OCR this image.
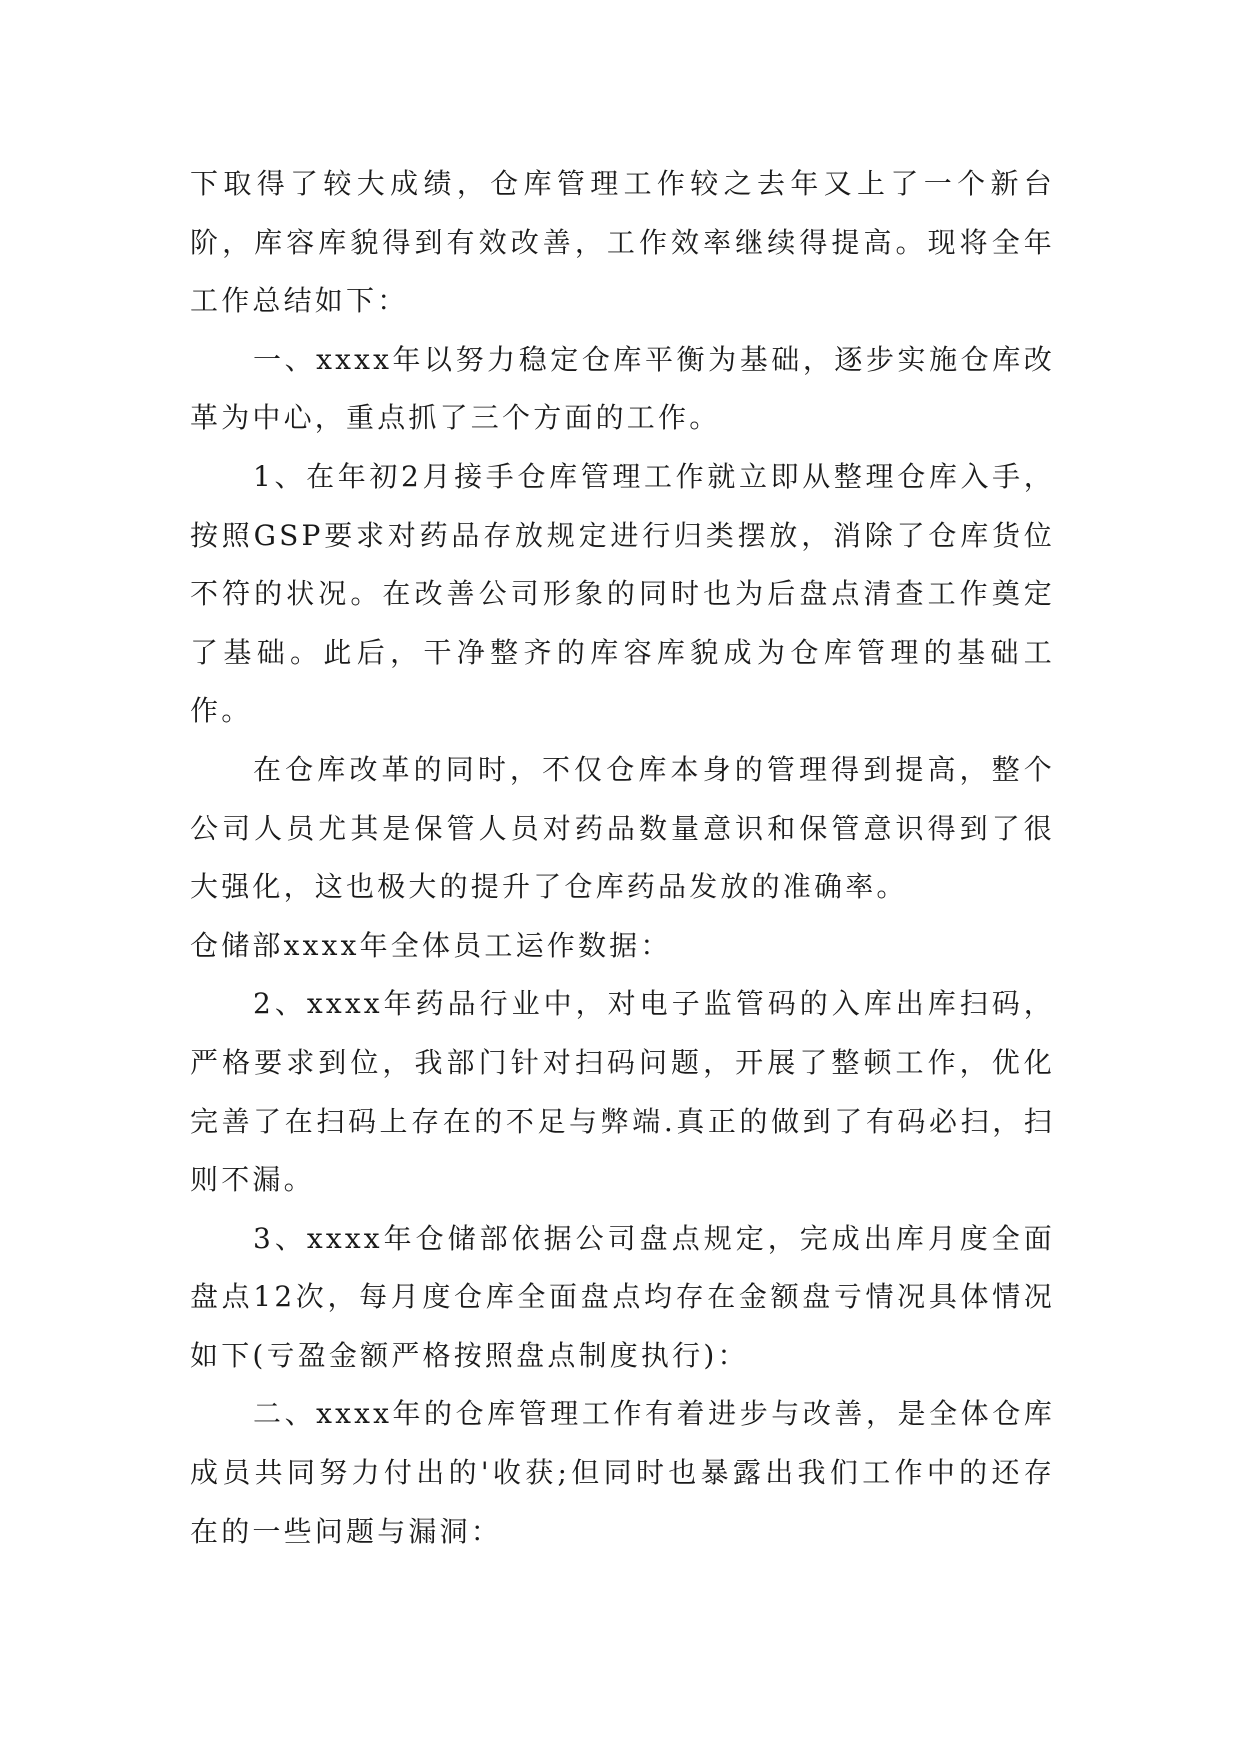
下取得了较大成绩，仓库管理工作较之去年又上了一个新台阶，库容库貌得到有效改善，工作效率继续得提高。现将全年工作总结如下：

一、xxxx年以努力稳定仓库平衡为基础，逐步实施仓库改革为中心，重点抓了三个方面的工作。

1、在年初2月接手仓库管理工作就立即从整理仓库入手，按照GSP要求对药品存放规定进行归类摆放，消除了仓库货位不符的状况。在改善公司形象的同时也为后盘点清查工作奠定了基础。此后，干净整齐的库容库貌成为仓库管理的基础工作。

在仓库改革的同时，不仅仓库本身的管理得到提高，整个公司人员尤其是保管人员对药品数量意识和保管意识得到了很大强化，这也极大的提升了仓库药品发放的准确率。

仓储部xxxx年全体员工运作数据：

2、xxxx年药品行业中，对电子监管码的入库出库扫码，严格要求到位，我部门针对扫码问题，开展了整顿工作，优化完善了在扫码上存在的不足与弊端.真正的做到了有码必扫，扫则不漏。

3、xxxx年仓储部依据公司盘点规定，完成出库月度全面盘点12次，每月度仓库全面盘点均存在金额盘亏情况具体情况如下(亏盈金额严格按照盘点制度执行)：

二、xxxx年的仓库管理工作有着进步与改善，是全体仓库成员共同努力付出的'收获;但同时也暴露出我们工作中的还存在的一些问题与漏洞：
